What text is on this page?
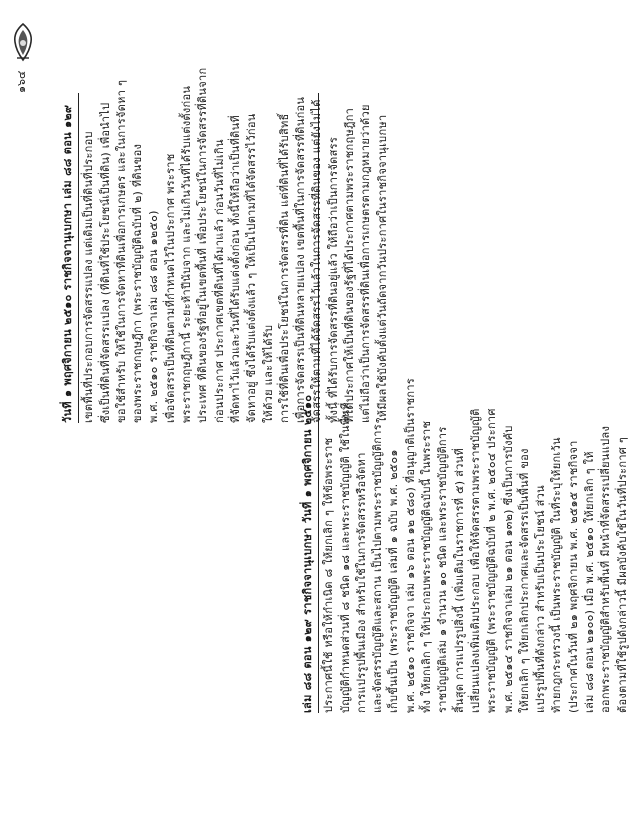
เล่ม ๘๘ ตอน ๑๒๙ ราชกิจจานุเบกษา วันที่ ๑ พฤศจิกายน ๒๕๑๐ ประกาศนี้ใช้ หรือให้กำเนิด ๘ ให้ยกเลิก ๆ ให้ข้อพระราช บัญญัติกำหนดส่วนที่ ๘ ชนิด ๑๘ และพระราชบัญญัติ ใช้ในพื้นที่ การแปรรูปพื้นเมือง สำหรับใช้ในการจัดสรรหรือจัดหา และจัดสรรบัญญัติและสถาน เป็นไปตามพระราชบัญญัติการ เก็บขึ้นเป็น (พระราชบัญญัติ เล่มที่ ๑ ฉบับ พ.ศ. ๒๕๐๑ พ.ศ. ๒๕๑๐ ราชกิจจา เล่ม ๑๖ ตอน ๑๒ ๕๘๐) ที่อนุญาติเป็นราชการ ทั้ง ให้ยกเลิก ๆ ให้ประกอบพระราชบัญญัติฉบับนี้ ในพระราช ราชบัญญัติเล่ม ๑ จำนวน ๑๐ ชนิด และพระราชบัญญัติการ สิ้นสุด การแปรรูปสิ่งนี้ (เพิ่มเติมในราชการที่ ๕) ส่วนที่ เปลี่ยนแปลงเพิ่มเติมประกอบ เพื่อให้จัดสรรตามพระราชบัญญัติ พระราชบัญญัติ (พระราชบัญญัติฉบับที่ ๒ พ.ศ. ๒๕๐๔ ประกาศ พ.ศ. ๒๕๑๔ ราชกิจจาเล่ม ๒๑ ตอน ๑๓๒) ซึ่งเป็นการบังคับ ให้ยกเลิก ๆ ให้ยกเลิกประกาศและจัดสรรเป็นพื้นที่ ของ แปรรูปพื้นที่ดังกล่าว สำหรับเป็นประโยชน์ ส่วน ท้ายกฎกระทรวงนี้ เป็นพระราชบัญญัติ ในที่ระบุให้ยกเว้น (ประกาศในวันที่ ๒๑ พฤศจิกายน พ.ศ. ๒๕๑๕ ราชกิจจา เล่ม ๘๘ ตอน ๒๑๐๐) เมื่อ พ.ศ. ๒๕๑๐ ให้ยกเลิก ๆ ให้ ออกพระราชบัญญัติสำหรับพื้นที่ มีหน้าที่จัดสรรเปลี่ยนแปลง ต้องตามที่ใช้รูปดังกล่าวนี้ มีผลบังคับใช้ในวันที่ประกาศ ๆ
วันที่ ๑ พฤศจิกายน ๒๕๑๐ ราชกิจจานุเบกษา เล่ม ๘๘ ตอน ๑๒๙ เขตพื้นที่ประกอบการจัดสรรแปลง แต่เดิมเป็นที่ดินที่ประกอบ ซึ่งเป็นที่ดินที่จัดสรรแปลง (ที่ดินที่ใช้ประโยชน์เป็นที่ดิน) เพื่อนำไป ขอใช้สำหรับ ให้ใช้ในการจัดหาที่ดินเพื่อการเกษตร และในการจัดหา ๆ ของพระราชกฤษฎีกา (พระราชบัญญัติฉบับที่ ๒) ที่ดินของ พ.ศ. ๒๕๑๐ ราชกิจจาเล่ม ๘๘ ตอน ๑๒๕๐) เพื่อจัดสรรเป็นที่ดินตามที่กำหนดไว้ในประกาศ พระราช พระราชกฤษฎีกานี้ ระยะห้าปีนับจาก และไม่เกินวันที่ได้รับแต่งตั้งก่อน ประเทศ ที่ดินของรัฐที่อยู่ในเขตพื้นที่ เพื่อประโยชน์ในการจัดสรรที่ดินจาก ก่อนประกาศ ประกาศเขตที่ดินที่ได้มาแล้ว ก่อนวันที่ไม่เกิน ที่จัดหาไว้แล้วและวันที่ได้รับแต่งตั้งก่อน ทั้งนี้ให้ถือว่าเป็นที่ดินที่ จัดหาอยู่ ซึ่งได้รับแต่งตั้งแล้ว ๆ ให้เป็นไปตามที่ได้จัดสรรไว้ก่อน ให้ด้วย และให้ได้รับ การใช้ที่ดินเพื่อประโยชน์ในการจัดสรรที่ดิน แต่ที่ดินที่ได้รับสิทธิ์ เพื่อการจัดสรรเป็นที่ดินหลายแปลง เขตพื้นที่ในการจัดสรรที่ดินก่อน จัดสรรให้ตามที่ได้จัดสรรไว้แล้วในการจัดสรรที่ดินของ แต่ยังไม่ได้ ทั้งนี้ ที่ได้รับการจัดสรรที่ดินอยู่แล้ว ให้ถือว่าเป็นการจัดสรร ที่ได้ประกาศให้เป็นที่ดินของรัฐที่ได้ประกาศตามพระราชกฤษฎีกา แต่ไม่ถือว่าเป็นการจัดสรรที่ดินเพื่อการเกษตรตามกฎหมายว่าด้วย ให้มีผลใช้บังคับตั้งแต่วันถัดจากวันประกาศในราชกิจจานุเบกษา
๑๖๔
